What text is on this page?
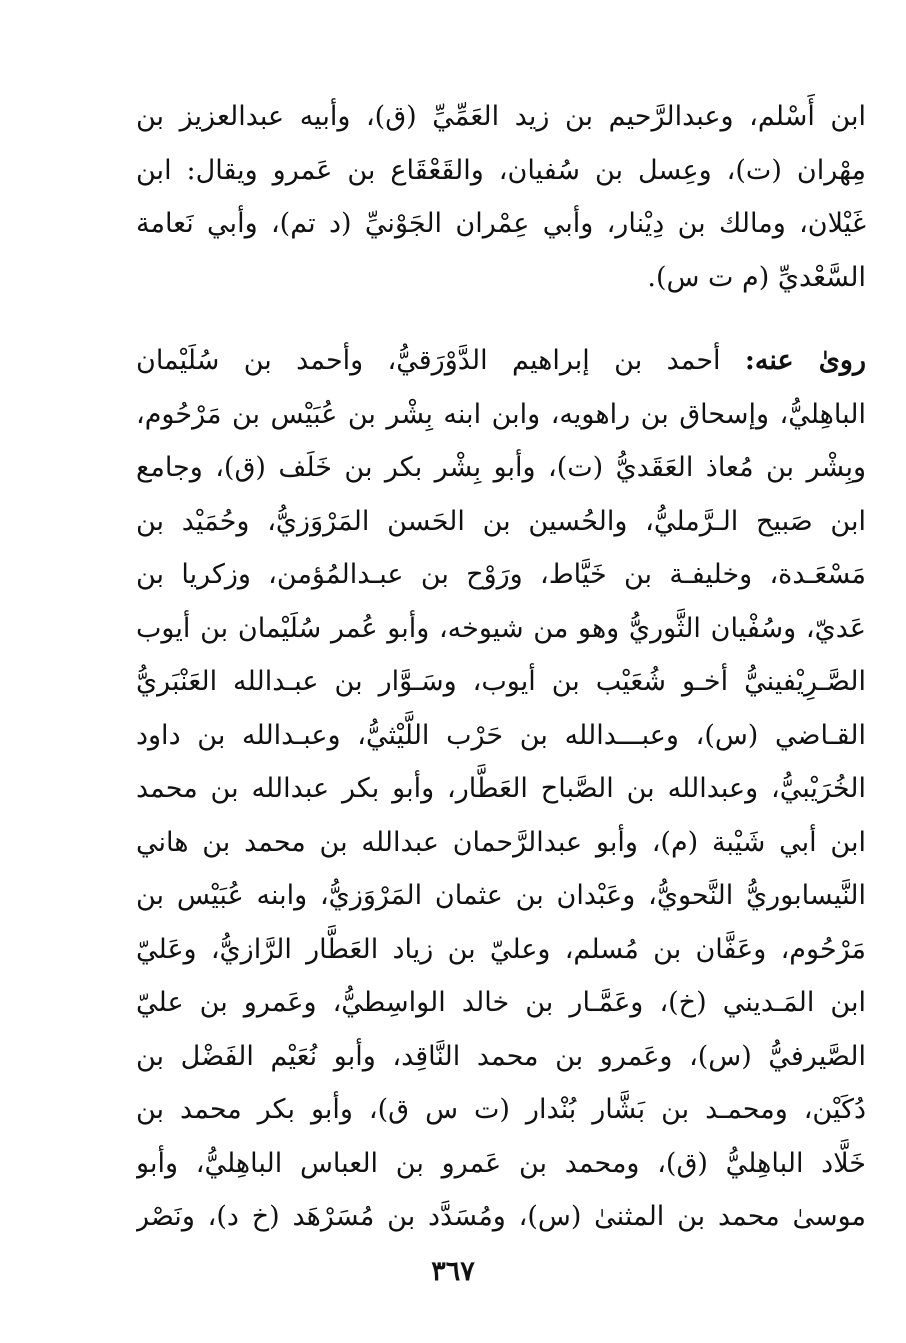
ابن أَسْلم، وعبدالرَّحيم بن زيد العَمِّيِّ (ق)، وأبيه عبدالعزيز بن
مِهْران (ت)، وعِسل بن سُفيان، والقَعْقَاع بن عَمرو ويقال: ابن
غَيْلان، ومالك بن دِيْنار، وأبي عِمْران الجَوْنيِّ (د تم)، وأبي نَعامة
السَّعْديِّ (م ت س).
روىٰ عنه: أحمد بن إبراهيم الدَّوْرَقيُّ، وأحمد بن سُلَيْمان
الباهِليُّ، وإسحاق بن راهويه، وابن ابنه بِشْر بن عُبَيْس بن مَرْحُوم،
وبِشْر بن مُعاذ العَقَديُّ (ت)، وأبو بِشْر بكر بن خَلَف (ق)، وجامع
ابن صَبيح الـرَّمليُّ، والحُسين بن الحَسن المَرْوَزيُّ، وحُمَيْد بن
مَسْعَـدة، وخليفـة بن خَيَّاط، ورَوْح بن عبـدالمُؤمن، وزكريا بن
عَديّ، وسُفْيان الثَّوريُّ وهو من شيوخه، وأبو عُمر سُلَيْمان بن أيوب
الصَّـرِيْفينيُّ أخـو شُعَيْب بن أيوب، وسَـوَّار بن عبـدالله العَنْبَريُّ
القـاضي (س)، وعبـــدالله بن حَرْب اللَّيْثيُّ، وعبـدالله بن داود
الخُرَيْبيُّ، وعبدالله بن الصَّباح العَطَّار، وأبو بكر عبدالله بن محمد
ابن أبي شَيْبة (م)، وأبو عبدالرَّحمان عبدالله بن محمد بن هاني
النَّيسابوريُّ النَّحويُّ، وعَبْدان بن عثمان المَرْوَزيُّ، وابنه عُبَيْس بن
مَرْحُوم، وعَفَّان بن مُسلم، وعليّ بن زياد العَطَّار الرَّازيُّ، وعَليّ
ابن المَـديني (خ)، وعَمَّـار بن خالد الواسِطيُّ، وعَمرو بن عليّ
الصَّيرفيُّ (س)، وعَمرو بن محمد النَّاقِد، وأبو نُعَيْم الفَضْل بن
دُكَيْن، ومحمـد بن بَشَّار بُنْدار (ت س ق)، وأبو بكر محمد بن
خَلَّاد الباهِليُّ (ق)، ومحمد بن عَمرو بن العباس الباهِليُّ، وأبو
موسىٰ محمد بن المثنىٰ (س)، ومُسَدَّد بن مُسَرْهَد (خ د)، ونَصْر
٣٦٧
